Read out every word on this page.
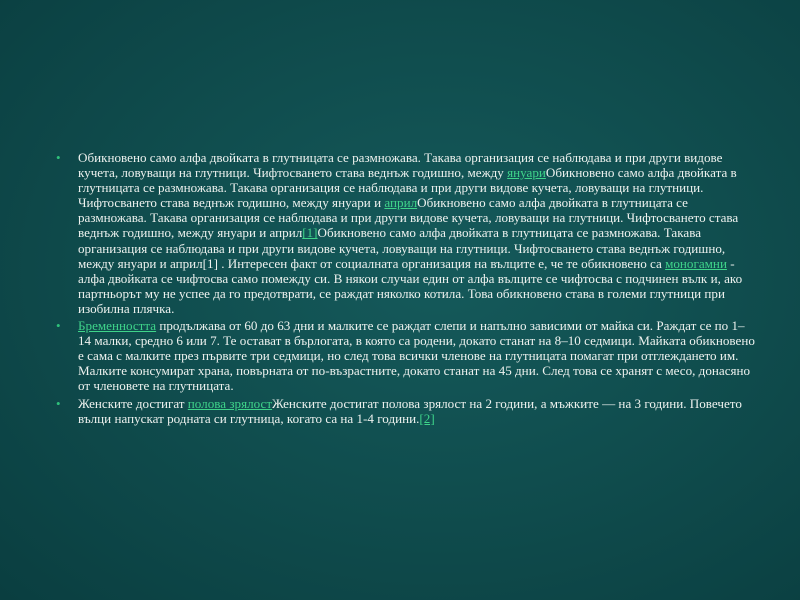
• Обикновено само алфа двойката в глутницата се размножава. Такава организация се наблюдава и при други видове кучета, ловуващи на глутници. Чифтосването става веднъж годишно, между януариОбикновено само алфа двойката в глутницата се размножава. Такава организация се наблюдава и при други видове кучета, ловуващи на глутници. Чифтосването става веднъж годишно, между януари и априлОбикновено само алфа двойката в глутницата се размножава. Такава организация се наблюдава и при други видове кучета, ловуващи на глутници. Чифтосването става веднъж годишно, между януари и април[1]Обикновено само алфа двойката в глутницата се размножава. Такава организация се наблюдава и при други видове кучета, ловуващи на глутници. Чифтосването става веднъж годишно, между януари и април[1] . Интересен факт от социалната организация на вълците е, че те обикновено са моногамни - алфа двойката се чифтосва само помежду си. В някои случаи един от алфа вълците се чифтосва с подчинен вълк и, ако партньорът му не успее да го предотврати, се раждат няколко котила. Това обикновено става в големи глутници при изобилна плячка.
• Бременността продължава от 60 до 63 дни и малките се раждат слепи и напълно зависими от майка си. Раждат се по 1–14 малки, средно 6 или 7. Те остават в бърлогата, в която са родени, докато станат на 8–10 седмици. Майката обикновено е сама с малките през първите три седмици, но след това всички членове на глутницата помагат при отглеждането им. Малките консумират храна, повърната от по-възрастните, докато станат на 45 дни. След това се хранят с месо, донасяно от членовете на глутницата.
• Женските достигат полова зрялостЖенските достигат полова зрялост на 2 години, а мъжките — на 3 години. Повечето вълци напускат родната си глутница, когато са на 1-4 години.[2]
